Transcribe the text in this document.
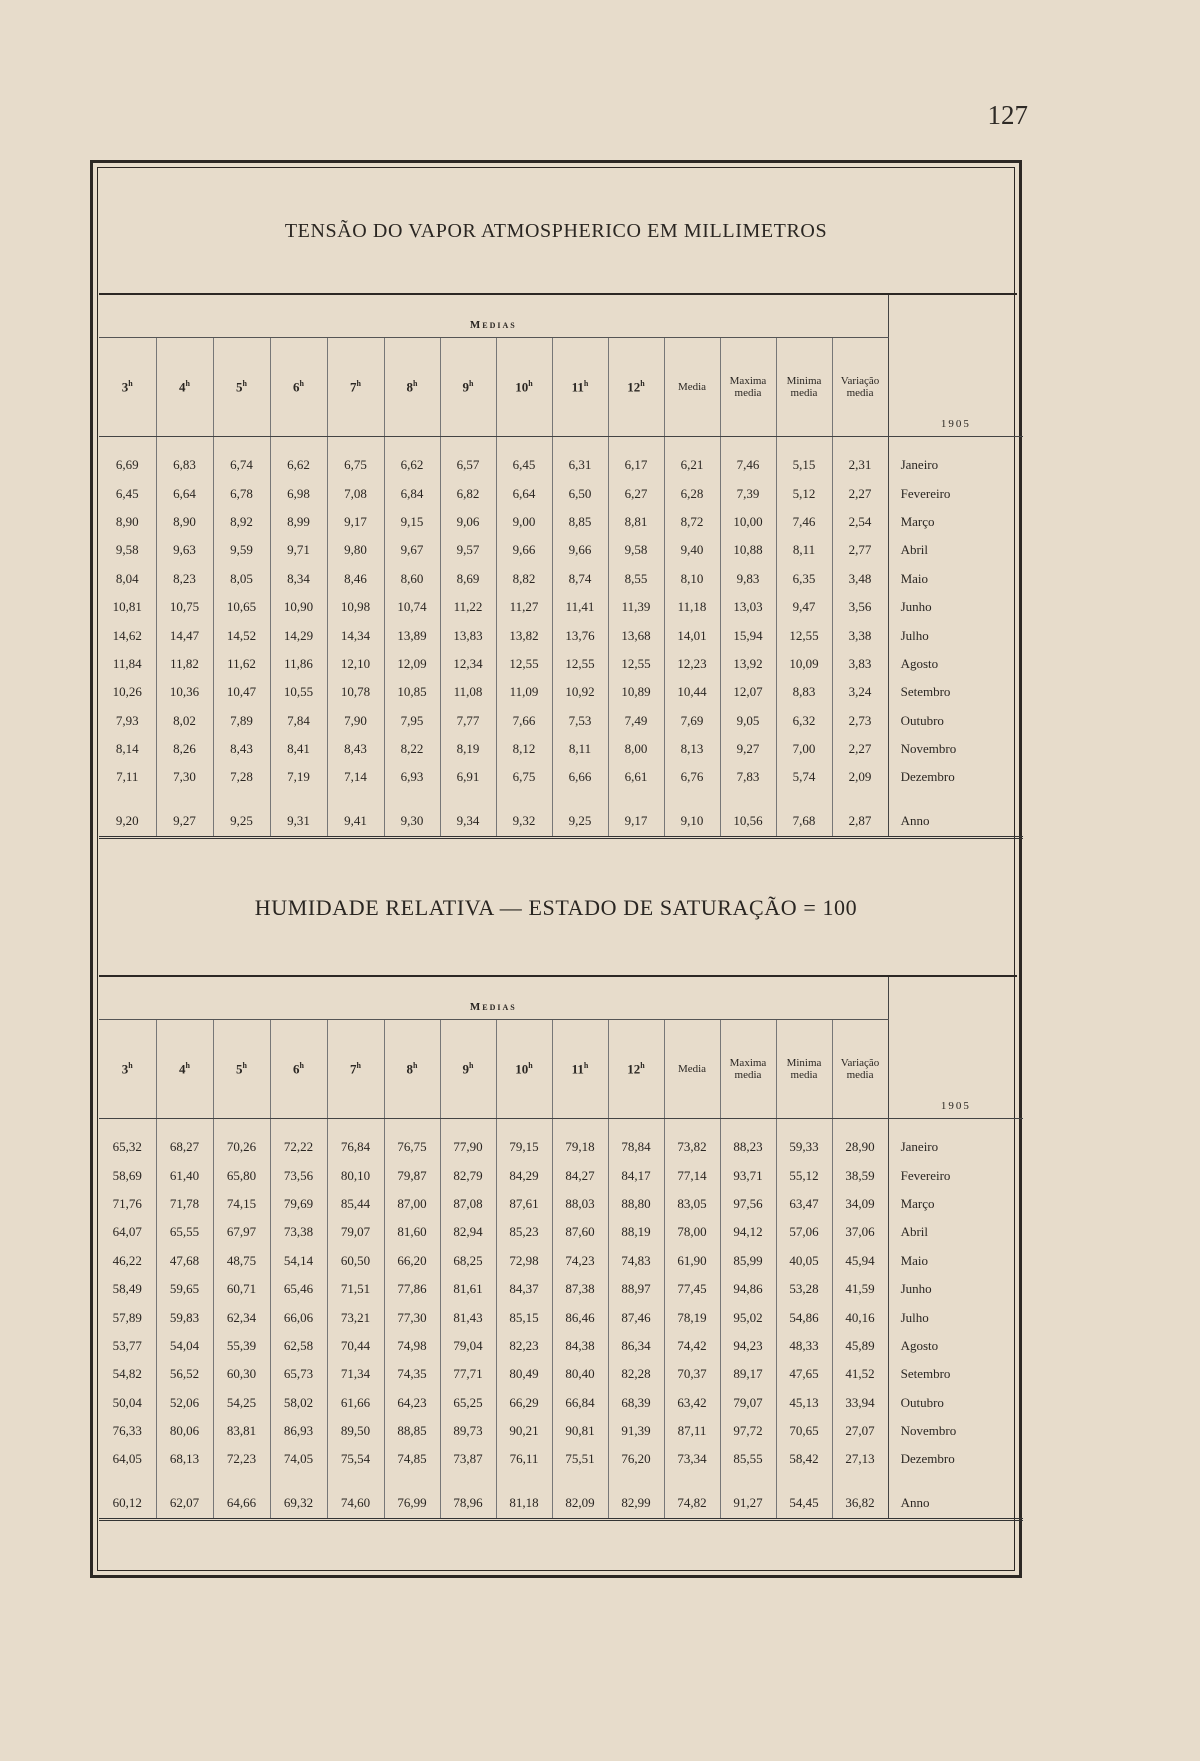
127
TENSÃO DO VAPOR ATMOSPHERICO EM MILLIMETROS
Medias														1905
3$^h$	4$^h$	5$^h$	6$^h$	7$^h$	8$^h$	9$^h$	10$^h$	11$^h$	12$^h$	Media	Maxima media	Minima media	Variação media	

6,69	6,83	6,74	6,62	6,75	6,62	6,57	6,45	6,31	6,17	6,21	7,46	5,15	2,31	Janeiro
6,45	6,64	6,78	6,98	7,08	6,84	6,82	6,64	6,50	6,27	6,28	7,39	5,12	2,27	Fevereiro
8,90	8,90	8,92	8,99	9,17	9,15	9,06	9,00	8,85	8,81	8,72	10,00	7,46	2,54	Março
9,58	9,63	9,59	9,71	9,80	9,67	9,57	9,66	9,66	9,58	9,40	10,88	8,11	2,77	Abril
8,04	8,23	8,05	8,34	8,46	8,60	8,69	8,82	8,74	8,55	8,10	9,83	6,35	3,48	Maio
10,81	10,75	10,65	10,90	10,98	10,74	11,22	11,27	11,41	11,39	11,18	13,03	9,47	3,56	Junho
14,62	14,47	14,52	14,29	14,34	13,89	13,83	13,82	13,76	13,68	14,01	15,94	12,55	3,38	Julho
11,84	11,82	11,62	11,86	12,10	12,09	12,34	12,55	12,55	12,55	12,23	13,92	10,09	3,83	Agosto
10,26	10,36	10,47	10,55	10,78	10,85	11,08	11,09	10,92	10,89	10,44	12,07	8,83	3,24	Setembro
7,93	8,02	7,89	7,84	7,90	7,95	7,77	7,66	7,53	7,49	7,69	9,05	6,32	2,73	Outubro
8,14	8,26	8,43	8,41	8,43	8,22	8,19	8,12	8,11	8,00	8,13	9,27	7,00	2,27	Novembro
7,11	7,30	7,28	7,19	7,14	6,93	6,91	6,75	6,66	6,61	6,76	7,83	5,74	2,09	Dezembro

9,20	9,27	9,25	9,31	9,41	9,30	9,34	9,32	9,25	9,17	9,10	10,56	7,68	2,87	Anno
HUMIDADE RELATIVA — ESTADO DE SATURAÇÃO = 100
Medias														1905
3$^h$	4$^h$	5$^h$	6$^h$	7$^h$	8$^h$	9$^h$	10$^h$	11$^h$	12$^h$	Media	Maxima media	Minima media	Variação media	

65,32	68,27	70,26	72,22	76,84	76,75	77,90	79,15	79,18	78,84	73,82	88,23	59,33	28,90	Janeiro
58,69	61,40	65,80	73,56	80,10	79,87	82,79	84,29	84,27	84,17	77,14	93,71	55,12	38,59	Fevereiro
71,76	71,78	74,15	79,69	85,44	87,00	87,08	87,61	88,03	88,80	83,05	97,56	63,47	34,09	Março
64,07	65,55	67,97	73,38	79,07	81,60	82,94	85,23	87,60	88,19	78,00	94,12	57,06	37,06	Abril
46,22	47,68	48,75	54,14	60,50	66,20	68,25	72,98	74,23	74,83	61,90	85,99	40,05	45,94	Maio
58,49	59,65	60,71	65,46	71,51	77,86	81,61	84,37	87,38	88,97	77,45	94,86	53,28	41,59	Junho
57,89	59,83	62,34	66,06	73,21	77,30	81,43	85,15	86,46	87,46	78,19	95,02	54,86	40,16	Julho
53,77	54,04	55,39	62,58	70,44	74,98	79,04	82,23	84,38	86,34	74,42	94,23	48,33	45,89	Agosto
54,82	56,52	60,30	65,73	71,34	74,35	77,71	80,49	80,40	82,28	70,37	89,17	47,65	41,52	Setembro
50,04	52,06	54,25	58,02	61,66	64,23	65,25	66,29	66,84	68,39	63,42	79,07	45,13	33,94	Outubro
76,33	80,06	83,81	86,93	89,50	88,85	89,73	90,21	90,81	91,39	87,11	97,72	70,65	27,07	Novembro
64,05	68,13	72,23	74,05	75,54	74,85	73,87	76,11	75,51	76,20	73,34	85,55	58,42	27,13	Dezembro

60,12	62,07	64,66	69,32	74,60	76,99	78,96	81,18	82,09	82,99	74,82	91,27	54,45	36,82	Anno
